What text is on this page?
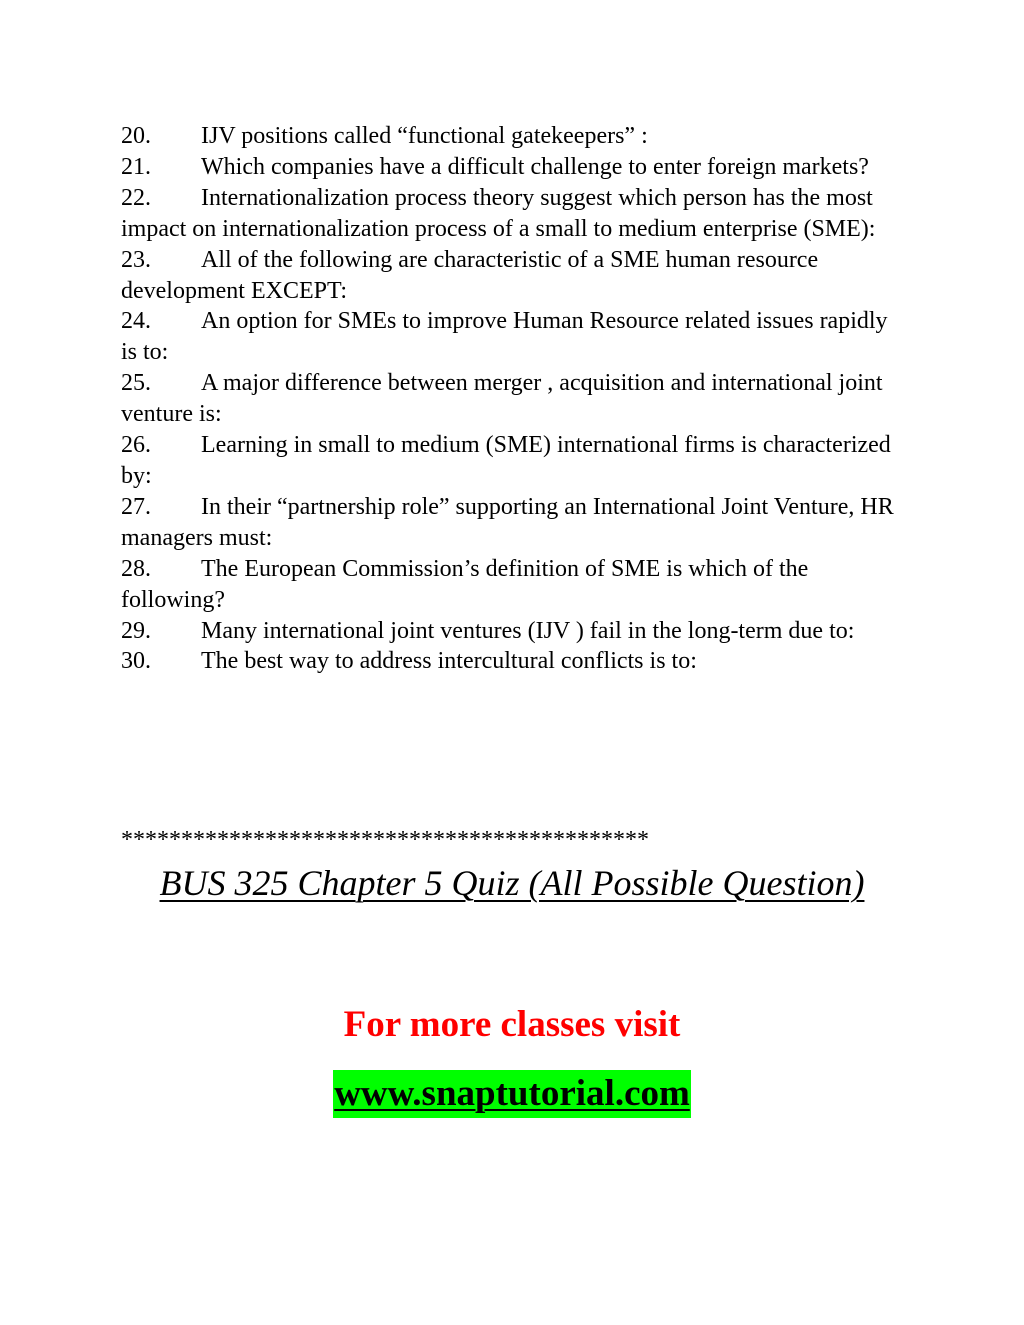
20. IJV positions called “functional gatekeepers” :

21. Which companies have a difficult challenge to enter foreign markets?

22. Internationalization process theory suggest which person has the most impact on internationalization process of a small to medium enterprise (SME):

23. All of the following are characteristic of a SME human resource development EXCEPT:

24. An option for SMEs to improve Human Resource related issues rapidly is to:

25. A major difference between merger , acquisition and international joint venture is:

26. Learning in small to medium (SME) international firms is characterized by:

27. In their “partnership role” supporting an International Joint Venture, HR managers must:

28. The European Commission’s definition of SME is which of the following?

29. Many international joint ventures (IJV ) fail in the long-term due to:

30. The best way to address intercultural conflicts is to:

********************************************
BUS 325 Chapter 5 Quiz (All Possible Question)
For more classes visit
www.snaptutorial.com
